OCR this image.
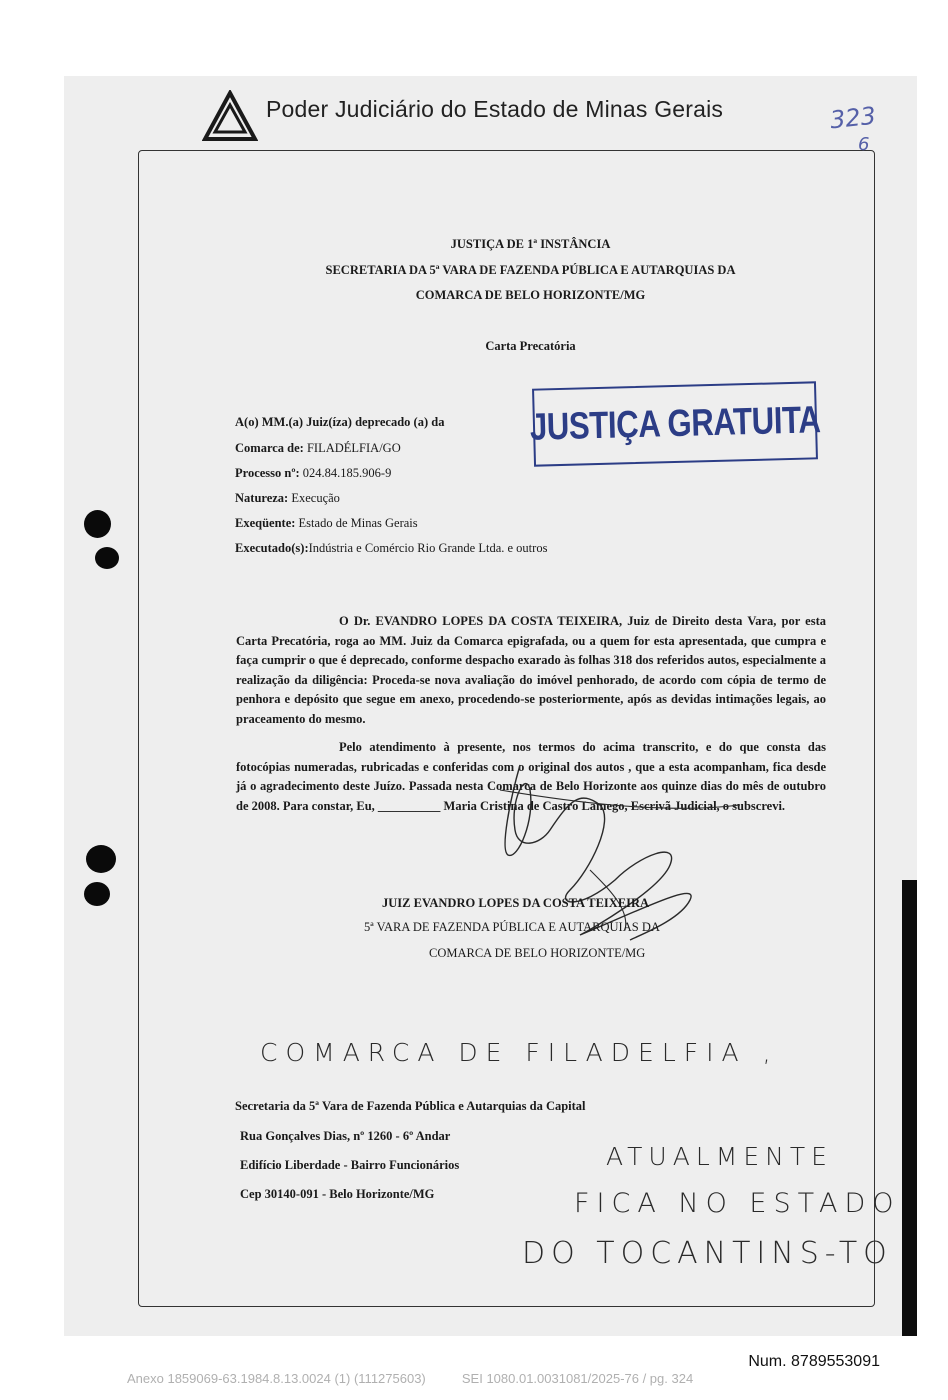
Poder Judiciário do Estado de Minas Gerais	323
6
JUSTIÇA DE 1ª INSTÂNCIA
SECRETARIA DA 5ª VARA DE FAZENDA PÚBLICA E AUTARQUIAS DA
COMARCA DE BELO HORIZONTE/MG
Carta Precatória
A(o) MM.(a) Juiz(íza) deprecado (a) da
Comarca de: FILADÉLFIA/GO
Processo nº: 024.84.185.906-9
Natureza: Execução
Exeqüente: Estado de Minas Gerais
Executado(s):Indústria e Comércio Rio Grande Ltda. e outros
JUSTIÇA GRATUITA

O Dr. EVANDRO LOPES DA COSTA TEIXEIRA, Juiz de Direito desta Vara, por esta Carta Precatória, roga ao MM. Juiz da Comarca epigrafada, ou a quem for esta apresentada, que cumpra e faça cumprir o que é deprecado, conforme despacho exarado às folhas 318 dos referidos autos, especialmente a realização da diligência: Proceda-se nova avaliação do imóvel penhorado, de acordo com cópia de termo de penhora e depósito que segue em anexo, procedendo-se posteriormente, após as devidas intimações legais, ao praceamento do mesmo.

Pelo atendimento à presente, nos termos do acima transcrito, e do que consta das fotocópias numeradas, rubricadas e conferidas com o original dos autos , que a esta acompanham, fica desde já o agradecimento deste Juízo. Passada nesta Comarca de Belo Horizonte aos quinze dias do mês de outubro de 2008. Para constar, Eu, __________ Maria Cristina de Castro Lamego, Escrivã Judicial, o subscrevi.

JUIZ EVANDRO LOPES DA COSTA TEIXEIRA
5ª VARA DE FAZENDA PÚBLICA E AUTARQUIAS DA
COMARCA DE BELO HORIZONTE/MG
COMARCA DE FILADELFIA ,
ATUALMENTE
FICA NO ESTADO
DO TOCANTINS-TO
Secretaria da 5ª Vara de Fazenda Pública e Autarquias da Capital
Rua Gonçalves Dias, nº 1260 - 6º Andar
Edifício Liberdade - Bairro Funcionários
Cep 30140-091 - Belo Horizonte/MG
Num. 8789553091
Anexo 1859069-63.1984.8.13.0024 (1) (111275603)          SEI 1080.01.0031081/2025-76 / pg. 324
